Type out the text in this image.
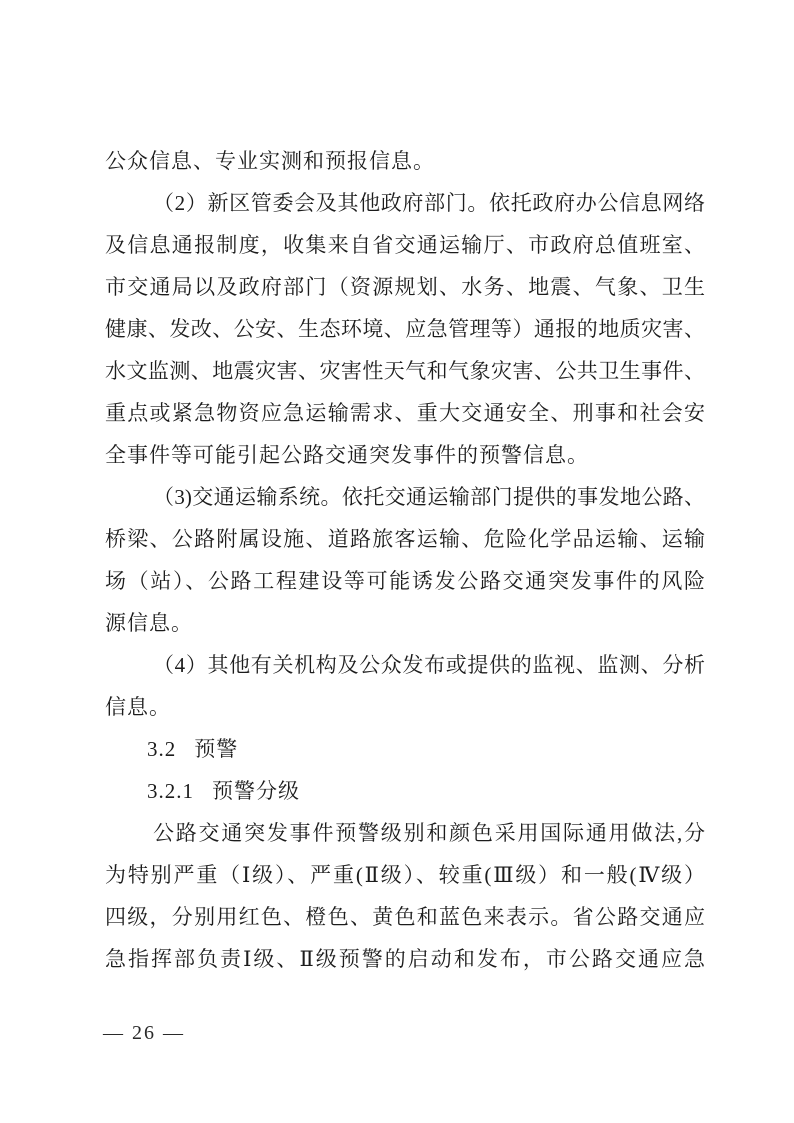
公众信息、专业实测和预报信息。
（2）新区管委会及其他政府部门。依托政府办公信息网络
及信息通报制度，收集来自省交通运输厅、市政府总值班室、
市交通局以及政府部门（资源规划、水务、地震、气象、卫生
健康、发改、公安、生态环境、应急管理等）通报的地质灾害、
水文监测、地震灾害、灾害性天气和气象灾害、公共卫生事件、
重点或紧急物资应急运输需求、重大交通安全、刑事和社会安
全事件等可能引起公路交通突发事件的预警信息。
（3)交通运输系统。依托交通运输部门提供的事发地公路、
桥梁、公路附属设施、道路旅客运输、危险化学品运输、运输
场（站）、公路工程建设等可能诱发公路交通突发事件的风险
源信息。
（4）其他有关机构及公众发布或提供的监视、监测、分析
信息。
3.2 预警
3.2.1 预警分级
公路交通突发事件预警级别和颜色采用国际通用做法,分
为特别严重（Ⅰ级）、严重(Ⅱ级）、较重(Ⅲ级）和一般(Ⅳ级）
四级，分别用红色、橙色、黄色和蓝色来表示。省公路交通应
急指挥部负责Ⅰ级、Ⅱ级预警的启动和发布，市公路交通应急
— 26 —
